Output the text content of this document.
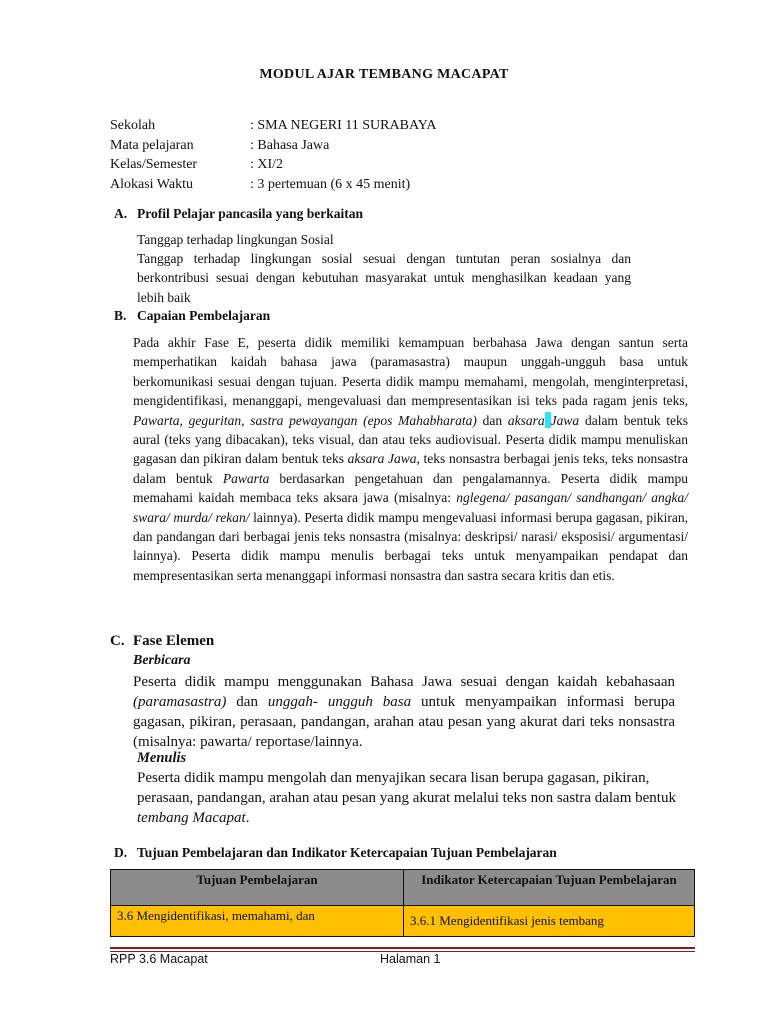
MODUL AJAR TEMBANG MACAPAT
Sekolah	: SMA NEGERI 11 SURABAYA
Mata pelajaran	: Bahasa Jawa
Kelas/Semester	: XI/2
Alokasi Waktu	: 3 pertemuan (6 x 45 menit)
A. Profil Pelajar pancasila yang berkaitan
Tanggap terhadap lingkungan Sosial
Tanggap terhadap lingkungan sosial sesuai dengan tuntutan peran sosialnya dan berkontribusi sesuai dengan kebutuhan masyarakat untuk menghasilkan keadaan yang lebih baik
B. Capaian Pembelajaran
Pada akhir Fase E, peserta didik memiliki kemampuan berbahasa Jawa dengan santun serta memperhatikan kaidah bahasa jawa (paramasastra) maupun unggah-ungguh basa untuk berkomunikasi sesuai dengan tujuan. Peserta didik mampu memahami, mengolah, menginterpretasi, mengidentifikasi, menanggapi, mengevaluasi dan mempresentasikan isi teks pada ragam jenis teks, Pawarta, geguritan, sastra pewayangan (epos Mahabharata) dan aksara Jawa dalam bentuk teks aural (teks yang dibacakan), teks visual, dan atau teks audiovisual. Peserta didik mampu menuliskan gagasan dan pikiran dalam bentuk teks aksara Jawa, teks nonsastra berbagai jenis teks, teks nonsastra dalam bentuk Pawarta berdasarkan pengetahuan dan pengalamannya. Peserta didik mampu memahami kaidah membaca teks aksara jawa (misalnya: nglegena/ pasangan/ sandhangan/ angka/ swara/ murda/ rekan/ lainnya). Peserta didik mampu mengevaluasi informasi berupa gagasan, pikiran, dan pandangan dari berbagai jenis teks nonsastra (misalnya: deskripsi/ narasi/ eksposisi/ argumentasi/ lainnya). Peserta didik mampu menulis berbagai teks untuk menyampaikan pendapat dan mempresentasikan serta menanggapi informasi nonsastra dan sastra secara kritis dan etis.
C. Fase Elemen
Berbicara
Peserta didik mampu menggunakan Bahasa Jawa sesuai dengan kaidah kebahasaan (paramasastra) dan unggah- ungguh basa untuk menyampaikan informasi berupa gagasan, pikiran, perasaan, pandangan, arahan atau pesan yang akurat dari teks nonsastra (misalnya: pawarta/ reportase/lainnya.
Menulis
Peserta didik mampu mengolah dan menyajikan secara lisan berupa gagasan, pikiran, perasaan, pandangan, arahan atau pesan yang akurat melalui teks non sastra dalam bentuk tembang Macapat.
D. Tujuan Pembelajaran dan Indikator Ketercapaian Tujuan Pembelajaran
Tujuan Pembelajaran	Indikator Ketercapaian Tujuan Pembelajaran
3.6 Mengidentifikasi, memahami, dan	3.6.1 Mengidentifikasi jenis tembang
RPP 3.6 Macapat	Halaman 1
